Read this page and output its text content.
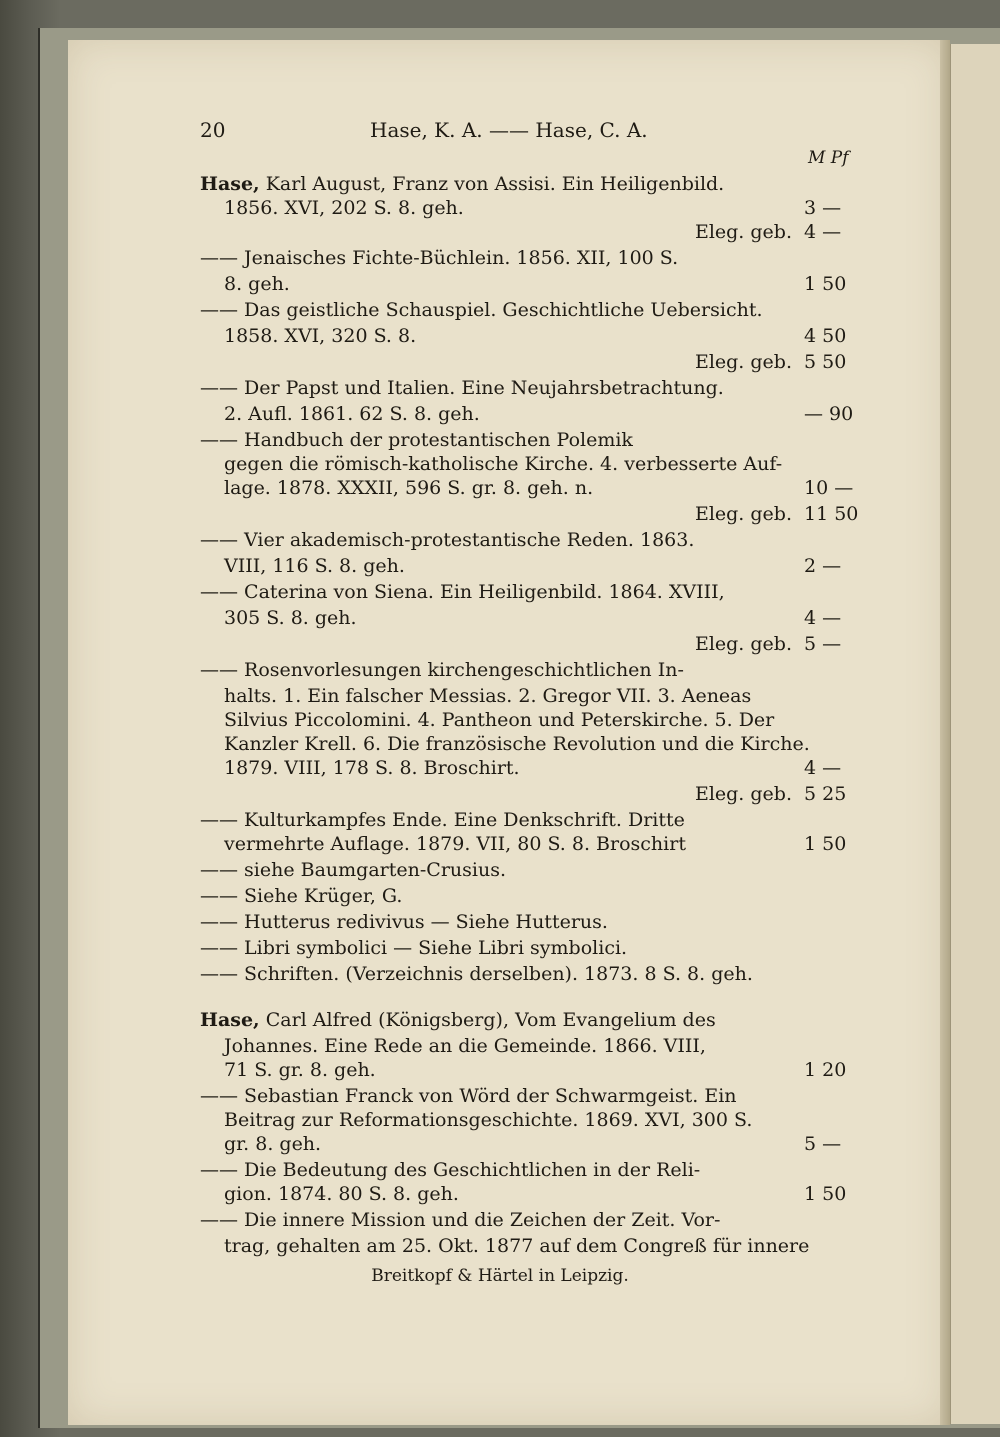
20	Hase, K. A. —— Hase, C. A.
M Pf
Hase, Karl August, Franz von Assisi. Ein Heiligenbild.
1856. XVI, 202 S. 8. geh.	3 —
Eleg. geb. 4 —
—— Jenaisches Fichte-Büchlein. 1856. XII, 100 S.
8. geh.	1 50
—— Das geistliche Schauspiel. Geschichtliche Uebersicht.
1858. XVI, 320 S. 8.	4 50
Eleg. geb. 5 50
—— Der Papst und Italien. Eine Neujahrsbetrachtung.
2. Aufl. 1861. 62 S. 8. geh.	— 90
—— Handbuch der protestantischen Polemik
gegen die römisch-katholische Kirche. 4. verbesserte Auf-
lage. 1878. XXXII, 596 S. gr. 8. geh. n.	10 —
Eleg. geb. 11 50
—— Vier akademisch-protestantische Reden. 1863.
VIII, 116 S. 8. geh.	2 —
—— Caterina von Siena. Ein Heiligenbild. 1864. XVIII,
305 S. 8. geh.	4 —
Eleg. geb. 5 —
—— Rosenvorlesungen kirchengeschichtlichen In-
halts. 1. Ein falscher Messias. 2. Gregor VII. 3. Aeneas
Silvius Piccolomini. 4. Pantheon und Peterskirche. 5. Der
Kanzler Krell. 6. Die französische Revolution und die Kirche.
1879. VIII, 178 S. 8. Broschirt.	4 —
Eleg. geb. 5 25
—— Kulturkampfes Ende. Eine Denkschrift. Dritte
vermehrte Auflage. 1879. VII, 80 S. 8. Broschirt	1 50
—— siehe Baumgarten-Crusius.
—— Siehe Krüger, G.
—— Hutterus redivivus — Siehe Hutterus.
—— Libri symbolici — Siehe Libri symbolici.
—— Schriften. (Verzeichnis derselben). 1873. 8 S. 8. geh.
Hase, Carl Alfred (Königsberg), Vom Evangelium des
Johannes. Eine Rede an die Gemeinde. 1866. VIII,
71 S. gr. 8. geh.	1 20
—— Sebastian Franck von Wörd der Schwarmgeist. Ein
Beitrag zur Reformationsgeschichte. 1869. XVI, 300 S.
gr. 8. geh.	5 —
—— Die Bedeutung des Geschichtlichen in der Reli-
gion. 1874. 80 S. 8. geh.	1 50
—— Die innere Mission und die Zeichen der Zeit. Vor-
trag, gehalten am 25. Okt. 1877 auf dem Congreß für innere
Breitkopf & Härtel in Leipzig.
